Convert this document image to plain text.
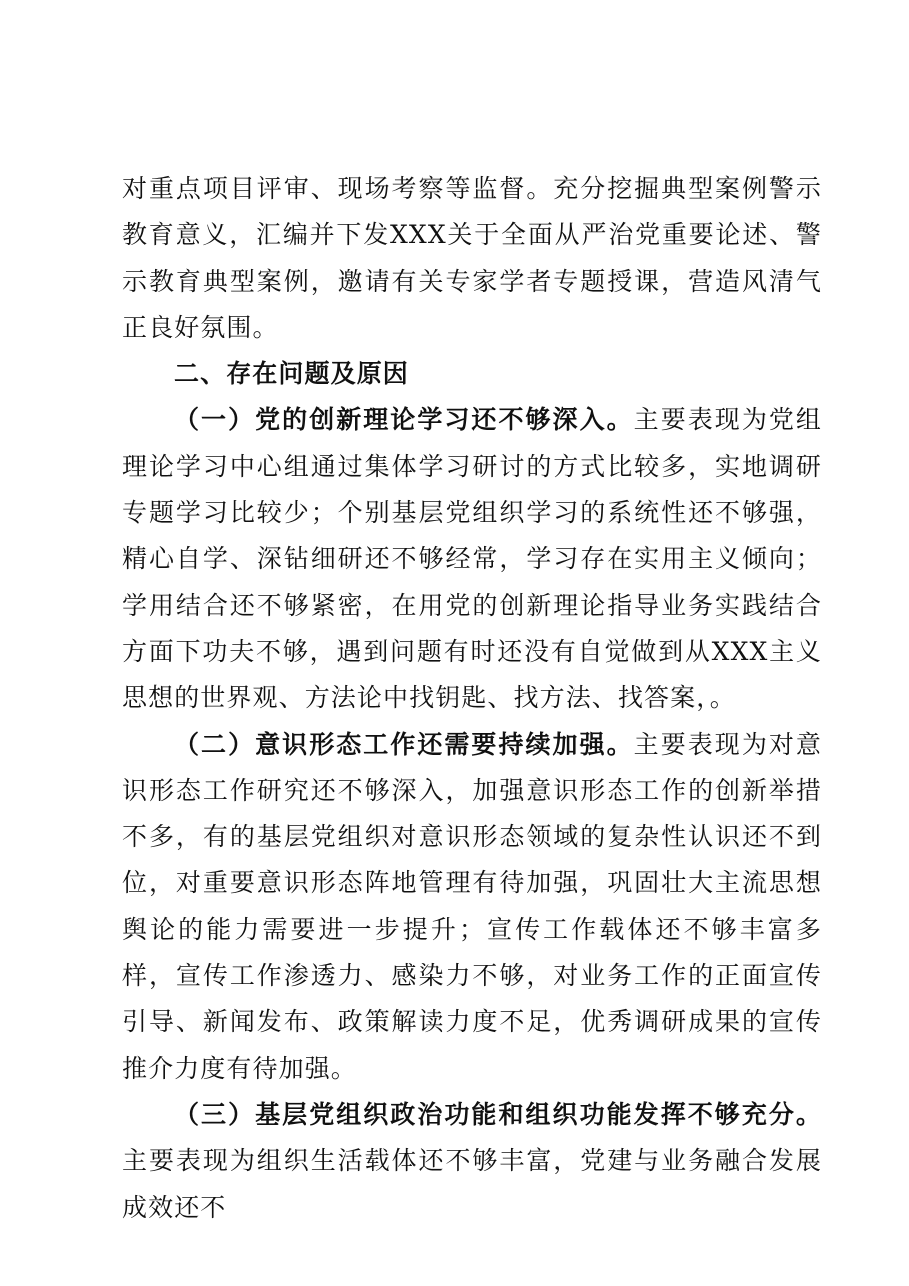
对重点项目评审、现场考察等监督。充分挖掘典型案例警示教育意义，汇编并下发XXX关于全面从严治党重要论述、警示教育典型案例，邀请有关专家学者专题授课，营造风清气正良好氛围。

二、存在问题及原因

（一）党的创新理论学习还不够深入。主要表现为党组理论学习中心组通过集体学习研讨的方式比较多，实地调研专题学习比较少；个别基层党组织学习的系统性还不够强，精心自学、深钻细研还不够经常，学习存在实用主义倾向；学用结合还不够紧密，在用党的创新理论指导业务实践结合方面下功夫不够，遇到问题有时还没有自觉做到从XXX主义思想的世界观、方法论中找钥匙、找方法、找答案，。

（二）意识形态工作还需要持续加强。主要表现为对意识形态工作研究还不够深入，加强意识形态工作的创新举措不多，有的基层党组织对意识形态领域的复杂性认识还不到位，对重要意识形态阵地管理有待加强，巩固壮大主流思想舆论的能力需要进一步提升；宣传工作载体还不够丰富多样，宣传工作渗透力、感染力不够，对业务工作的正面宣传引导、新闻发布、政策解读力度不足，优秀调研成果的宣传推介力度有待加强。

（三）基层党组织政治功能和组织功能发挥不够充分。主要表现为组织生活载体还不够丰富，党建与业务融合发展成效还不
